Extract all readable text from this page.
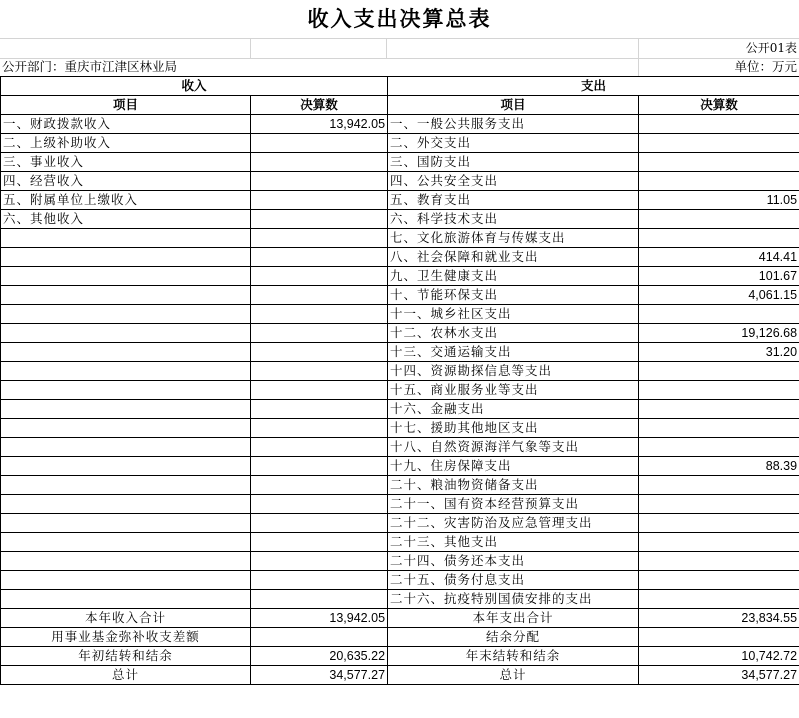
收入支出决算总表
公开01表
公开部门：重庆市江津区林业局	单位：万元
收入		支出	
项目	决算数	项目	决算数
一、财政拨款收入	13,942.05	一、一般公共服务支出	
二、上级补助收入		二、外交支出	
三、事业收入		三、国防支出	
四、经营收入		四、公共安全支出	
五、附属单位上缴收入		五、教育支出	11.05
六、其他收入		六、科学技术支出	
		七、文化旅游体育与传媒支出	
		八、社会保障和就业支出	414.41
		九、卫生健康支出	101.67
		十、节能环保支出	4,061.15
		十一、城乡社区支出	
		十二、农林水支出	19,126.68
		十三、交通运输支出	31.20
		十四、资源勘探信息等支出	
		十五、商业服务业等支出	
		十六、金融支出	
		十七、援助其他地区支出	
		十八、自然资源海洋气象等支出	
		十九、住房保障支出	88.39
		二十、粮油物资储备支出	
		二十一、国有资本经营预算支出	
		二十二、灾害防治及应急管理支出	
		二十三、其他支出	
		二十四、债务还本支出	
		二十五、债务付息支出	
		二十六、抗疫特别国债安排的支出	
本年收入合计	13,942.05	本年支出合计	23,834.55
用事业基金弥补收支差额		结余分配	
年初结转和结余	20,635.22	年末结转和结余	10,742.72
总计	34,577.27	总计	34,577.27
